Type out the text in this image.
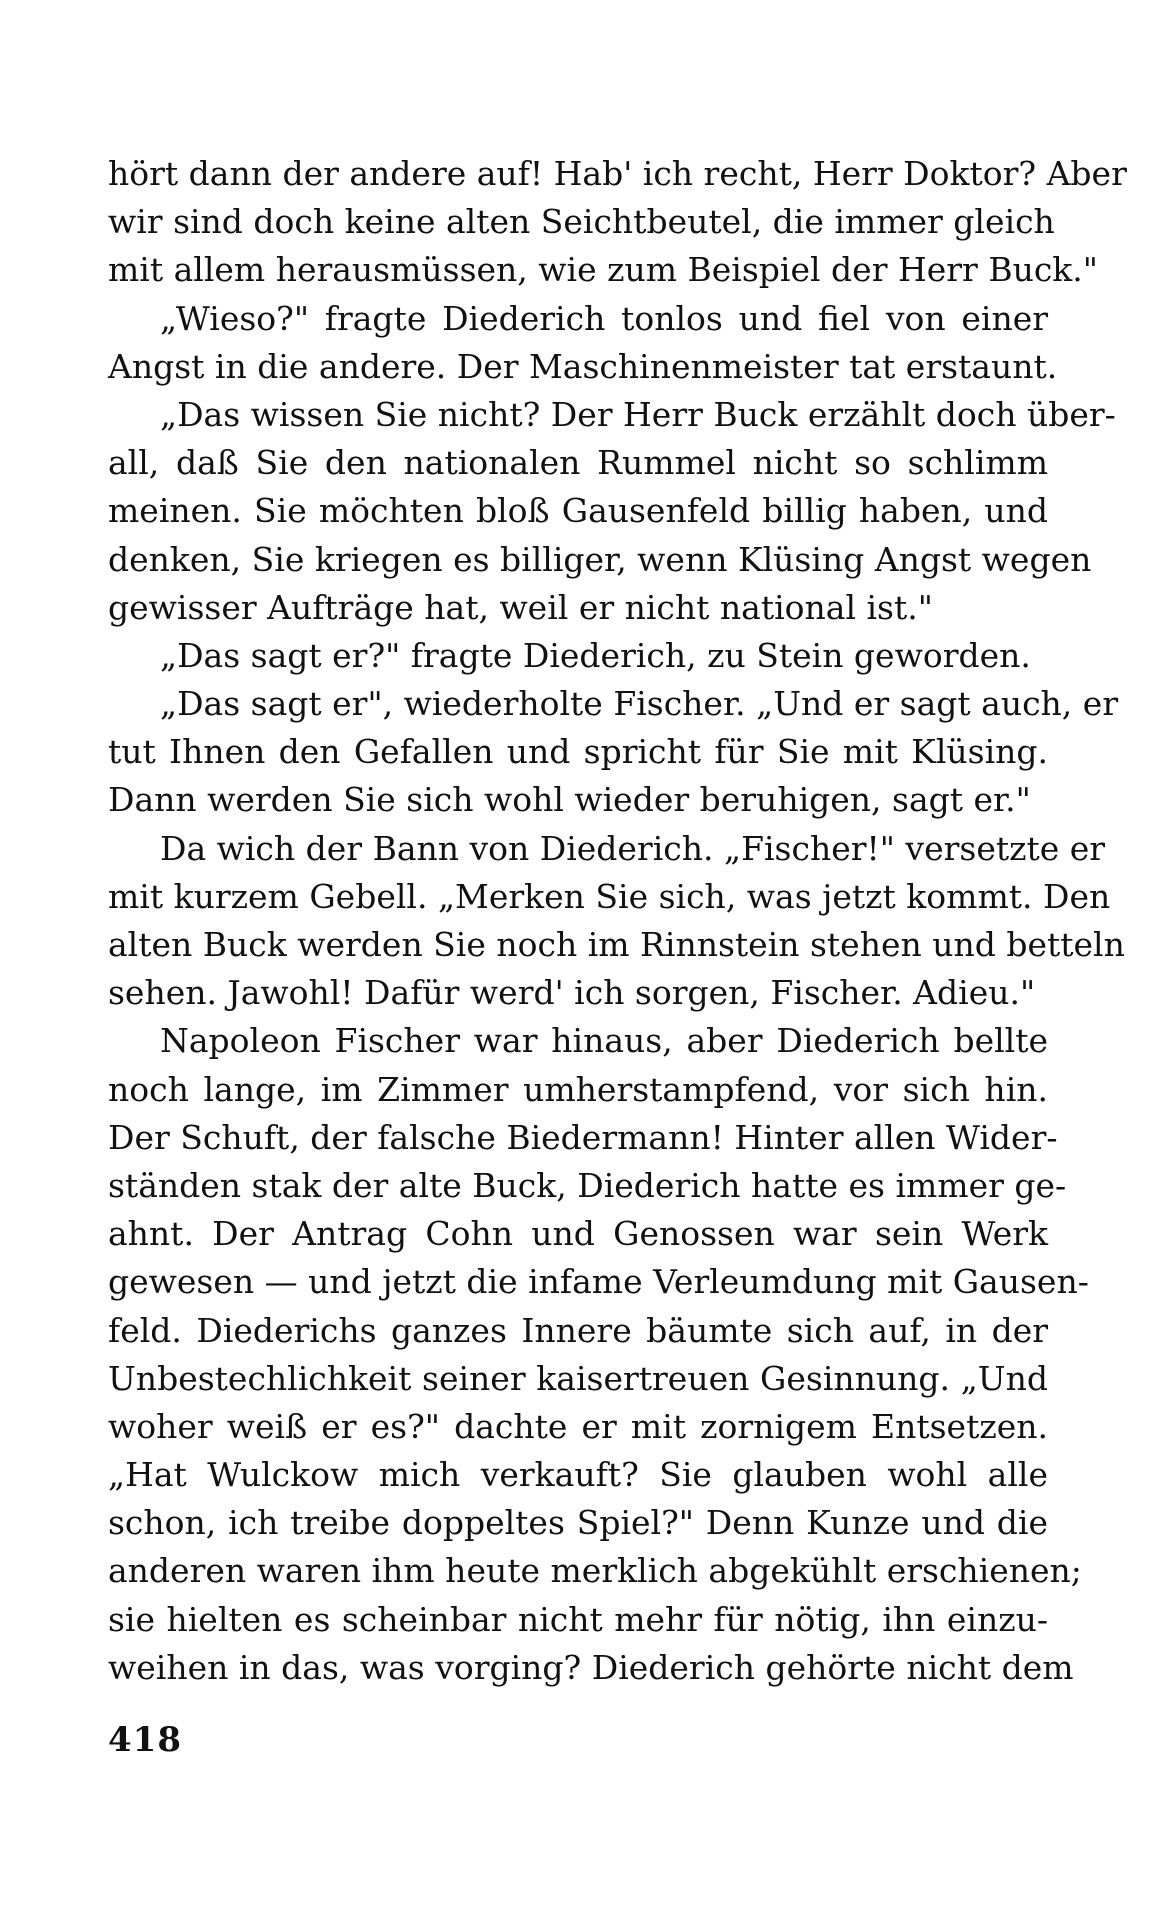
hört dann der andere auf! Hab' ich recht, Herr Doktor? Aber
wir sind doch keine alten Seichtbeutel, die immer gleich
mit allem herausmüssen, wie zum Beispiel der Herr Buck."
„Wieso?" fragte Diederich tonlos und fiel von einer
Angst in die andere. Der Maschinenmeister tat erstaunt.
„Das wissen Sie nicht? Der Herr Buck erzählt doch über-
all, daß Sie den nationalen Rummel nicht so schlimm
meinen. Sie möchten bloß Gausenfeld billig haben, und
denken, Sie kriegen es billiger, wenn Klüsing Angst wegen
gewisser Aufträge hat, weil er nicht national ist."
„Das sagt er?" fragte Diederich, zu Stein geworden.
„Das sagt er", wiederholte Fischer. „Und er sagt auch, er
tut Ihnen den Gefallen und spricht für Sie mit Klüsing.
Dann werden Sie sich wohl wieder beruhigen, sagt er."
Da wich der Bann von Diederich. „Fischer!" versetzte er
mit kurzem Gebell. „Merken Sie sich, was jetzt kommt. Den
alten Buck werden Sie noch im Rinnstein stehen und betteln
sehen. Jawohl! Dafür werd' ich sorgen, Fischer. Adieu."
Napoleon Fischer war hinaus, aber Diederich bellte
noch lange, im Zimmer umherstampfend, vor sich hin.
Der Schuft, der falsche Biedermann! Hinter allen Wider-
ständen stak der alte Buck, Diederich hatte es immer ge-
ahnt. Der Antrag Cohn und Genossen war sein Werk
gewesen — und jetzt die infame Verleumdung mit Gausen-
feld. Diederichs ganzes Innere bäumte sich auf, in der
Unbestechlichkeit seiner kaisertreuen Gesinnung. „Und
woher weiß er es?" dachte er mit zornigem Entsetzen.
„Hat Wulckow mich verkauft? Sie glauben wohl alle
schon, ich treibe doppeltes Spiel?" Denn Kunze und die
anderen waren ihm heute merklich abgekühlt erschienen;
sie hielten es scheinbar nicht mehr für nötig, ihn einzu-
weihen in das, was vorging? Diederich gehörte nicht dem
418
